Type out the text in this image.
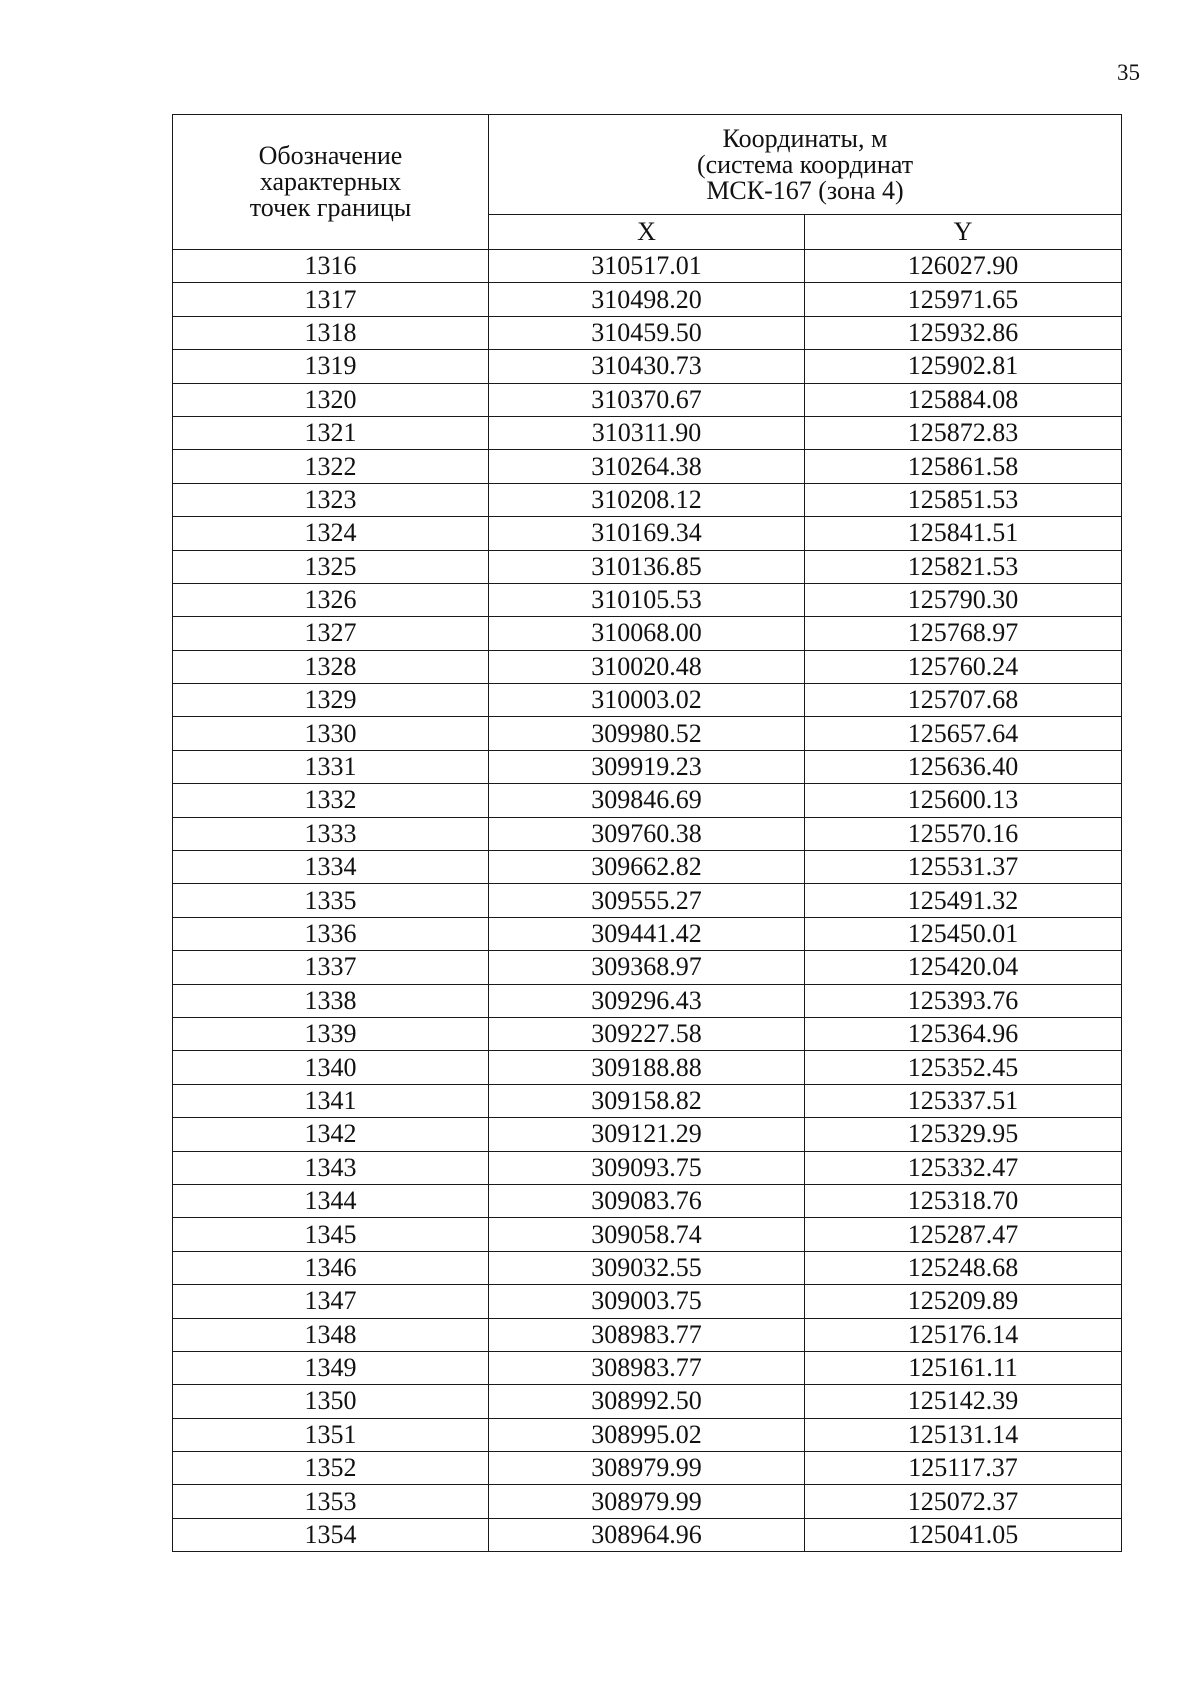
35
Обозначение
характерных
точек границы	Координаты, м
(система координат
МСК-167 (зона 4)	
	X	Y
1316	310517.01	126027.90
1317	310498.20	125971.65
1318	310459.50	125932.86
1319	310430.73	125902.81
1320	310370.67	125884.08
1321	310311.90	125872.83
1322	310264.38	125861.58
1323	310208.12	125851.53
1324	310169.34	125841.51
1325	310136.85	125821.53
1326	310105.53	125790.30
1327	310068.00	125768.97
1328	310020.48	125760.24
1329	310003.02	125707.68
1330	309980.52	125657.64
1331	309919.23	125636.40
1332	309846.69	125600.13
1333	309760.38	125570.16
1334	309662.82	125531.37
1335	309555.27	125491.32
1336	309441.42	125450.01
1337	309368.97	125420.04
1338	309296.43	125393.76
1339	309227.58	125364.96
1340	309188.88	125352.45
1341	309158.82	125337.51
1342	309121.29	125329.95
1343	309093.75	125332.47
1344	309083.76	125318.70
1345	309058.74	125287.47
1346	309032.55	125248.68
1347	309003.75	125209.89
1348	308983.77	125176.14
1349	308983.77	125161.11
1350	308992.50	125142.39
1351	308995.02	125131.14
1352	308979.99	125117.37
1353	308979.99	125072.37
1354	308964.96	125041.05
